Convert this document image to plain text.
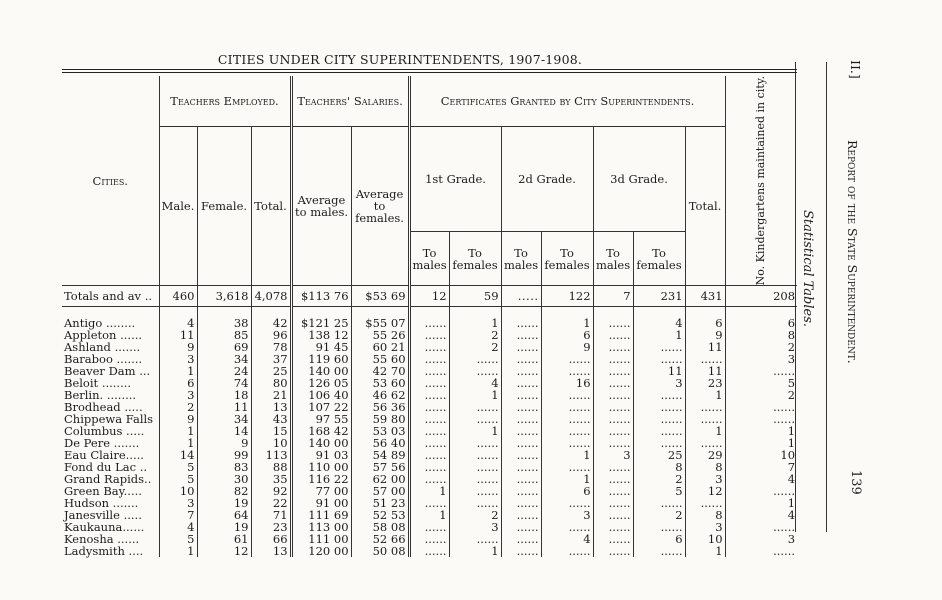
CITIES UNDER CITY SUPERINTENDENTS, 1907-1908.
Cities.	Teachers Employed.			Teachers' Salaries.		Certificates Granted by City Superintendents.							No. Kindergartens maintained in city.

	Male.	Female.	Total.	Average to males.	Average to females.	1st Grade.		2d Grade.		3d Grade.		Total.	
						To males	To females	To males	To females	To males	To females		
Totals and av ..	460	3,618	4,078	$113 76	$53 69	12	59	.....	122	7	231	431	208

Antigo ........	4	38	42	$121 25	$55 07	......	1	......	1	......	4	6	6
Appleton ......	11	85	96	138 12	55 26	......	2	......	6	......	1	9	8
Ashland .......	9	69	78	91 45	60 21	......	2	......	9	......	......	11	2
Baraboo .......	3	34	37	119 60	55 60	......	......	......	......	......	......	......	3
Beaver Dam ...	1	24	25	140 00	42 70	......	......	......	......	......	11	11	......
Beloit ........	6	74	80	126 05	53 60	......	4	......	16	......	3	23	5
Berlin. ........	3	18	21	106 40	46 62	......	1	......	......	......	......	1	2
Brodhead .....	2	11	13	107 22	56 36	......	......	......	......	......	......	......	......
Chippewa Falls	9	34	43	97 55	59 80	......	......	......	......	......	......	......	......
Columbus .....	1	14	15	168 42	53 03	......	1	......	......	......	......	1	1
De Pere .......	1	9	10	140 00	56 40	......	......	......	......	......	......	......	1
Eau Claire.....	14	99	113	91 03	54 89	......	......	......	1	3	25	29	10
Fond du Lac ..	5	83	88	110 00	57 56	......	......	......	......	......	8	8	7
Grand Rapids..	5	30	35	116 22	62 00	......	......	......	1	......	2	3	4
Green Bay.....	10	82	92	77 00	57 00	1	......	......	6	......	5	12	......
Hudson .......	3	19	22	91 00	51 23	......	......	......	......	......	......	......	1
Janesville .....	7	64	71	111 69	52 53	1	2	......	3	......	2	8	4
Kaukauna......	4	19	23	113 00	58 08	......	3	......	......	......	......	3	......
Kenosha ......	5	61	66	111 00	52 66	......	......	......	4	......	6	10	3
Ladysmith ....	1	12	13	120 00	50 08	......	1	......	......	......	......	1	......
Statistical Tables. Report of the State Superintendent.
II.]
139
